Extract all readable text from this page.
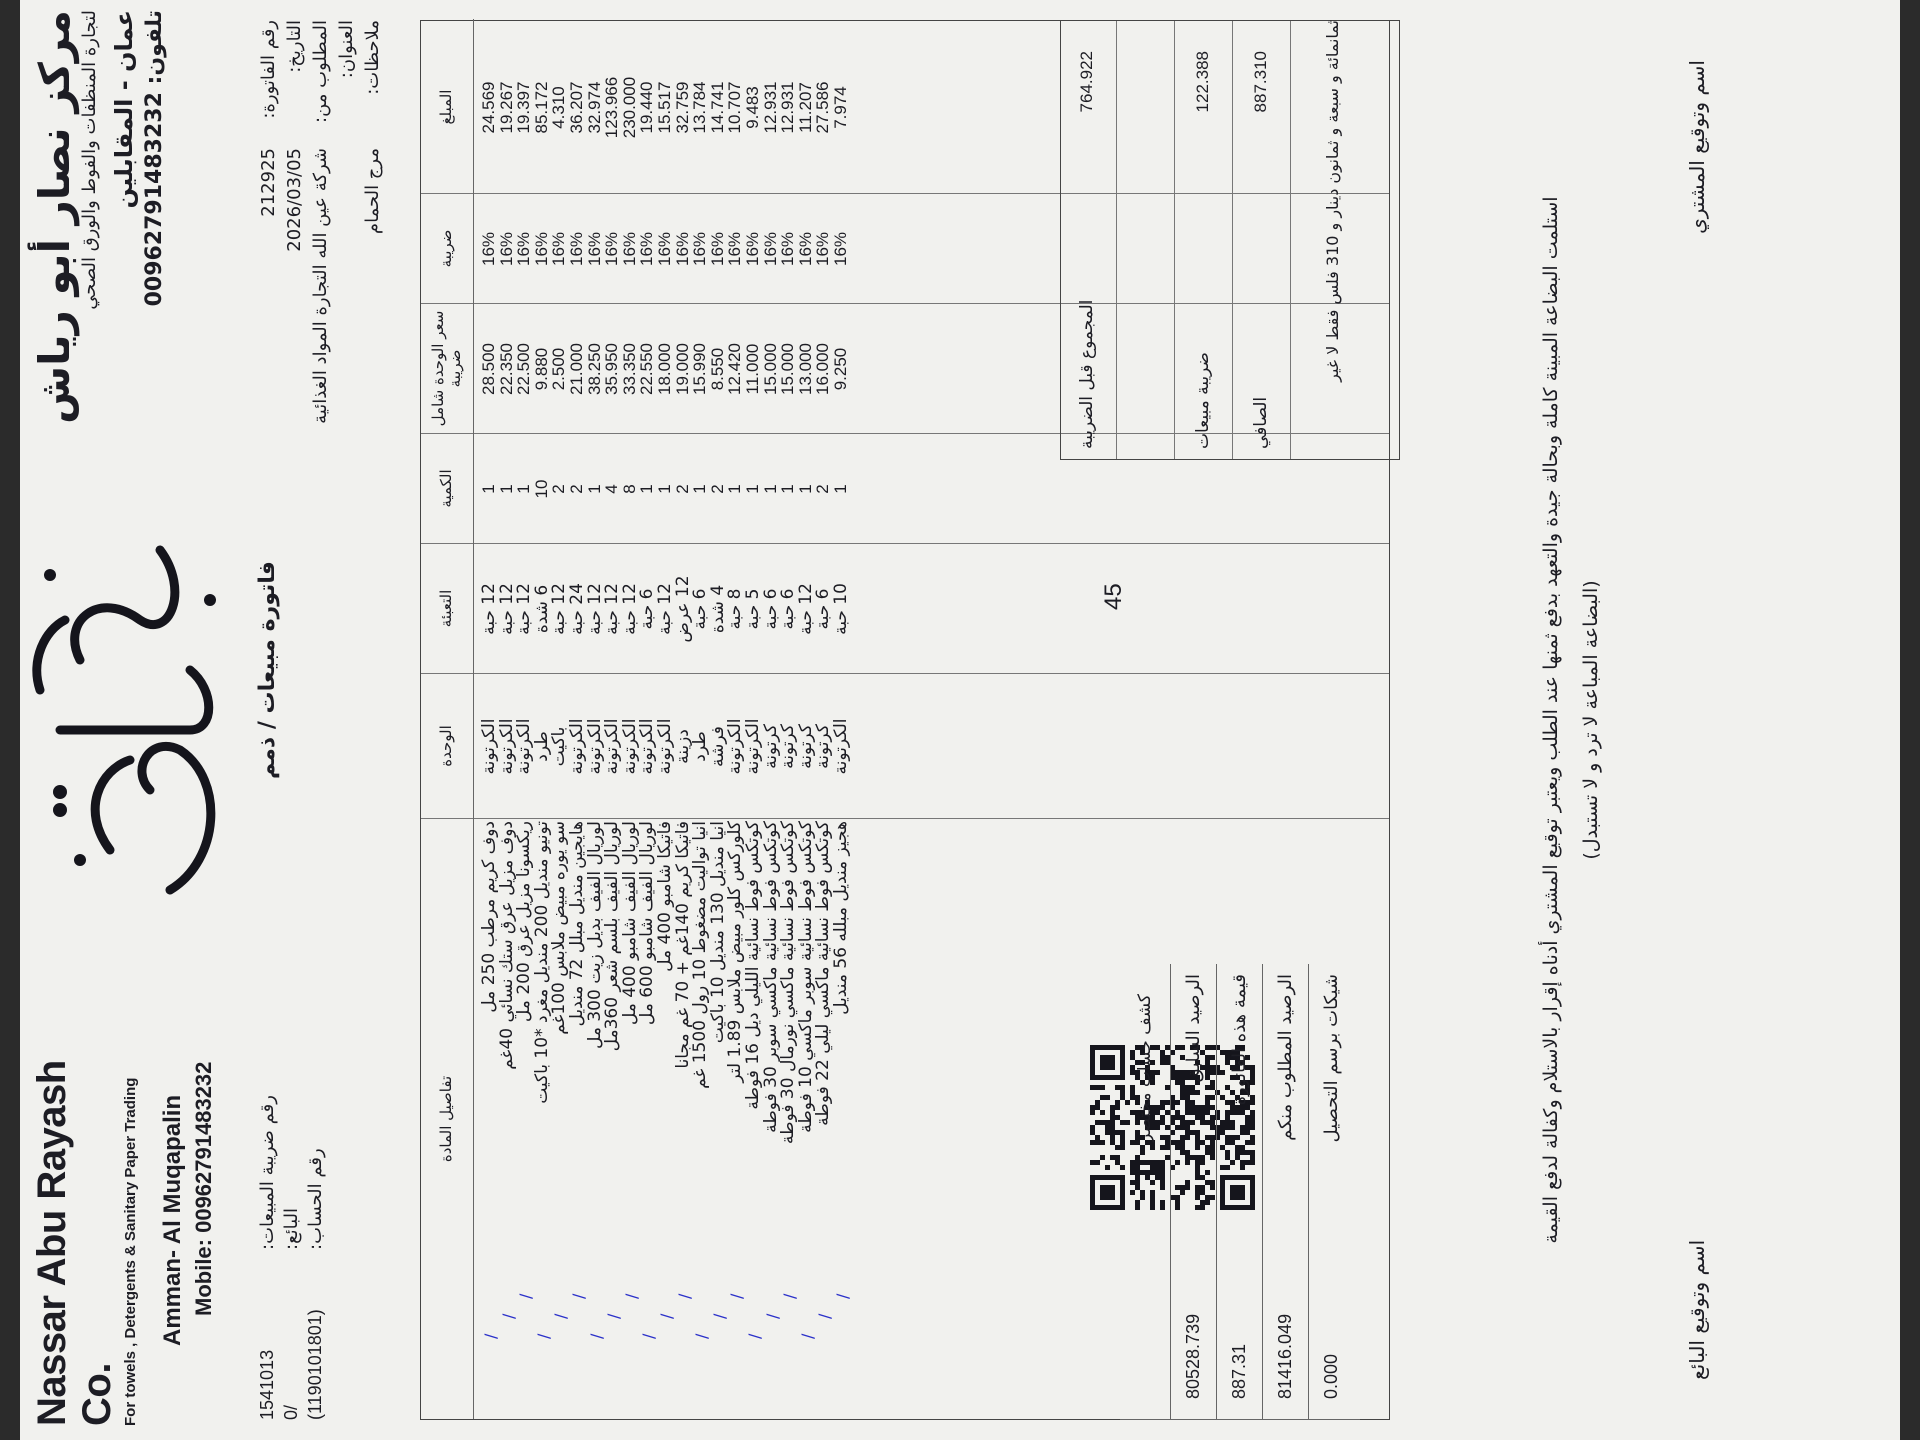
Nassar Abu Rayash Co. For towels , Detergents & Sanitary Paper Trading Amman- Al Muqapalin Mobile: 00962791483232
مركز نصار أبو رياش لتجارة المنظفات والفوط والورق الصحي عمان - المقابلين تلفون: 00962791483232
1541013
رقم ضريبة المبيعات:
0/
البائع:
(1190101801)
رقم الحساب:
فاتورة مبيعات / ذمم
رقم الفاتورة:
212925
التاريخ:
2026/03/05
المطلوب من:
شركة عين الله التجارة المواد الغذائية
العنوان: ملاحظات:
مرج الحمام
تفاصيل المادة
الوحدة
التعبئة
الكمية
سعر الوحدة شامل ضريبة
ضريبة
المبلغ
دوف كريم مرطب 250 مل
الكرتونة
12 حبة
1
28.500
16%
24.569
/
دوف مزيل عرق ستك نسائي 40غم
الكرتونة
12 حبة
1
22.350
16%
19.267
/
ريكسونا مزيل عرق 200 مل
الكرتونة
12 حبة
1
22.500
16%
19.397
/
تونيو منديل 200 منديل مغرد *10 باكيت
طرد
6 شدة
10
9.880
16%
85.172
/
سو يوره مبيض ملابس 100غم
باكيت
12 حبة
2
2.500
16%
4.310
/
هايجين منديل مبلل 72 منديل
الكرتونة
24 حبة
2
21.000
16%
36.207
/
لوريال الفيف بديل زيت 300 مل
الكرتونة
12 حبة
1
38.250
16%
32.974
/
لوريال الفيف بلسم شعر 360مل
الكرتونة
12 حبة
4
35.950
16%
123.966
/
لوريال الفيف شامبو 400 مل
الكرتونة
12 حبة
8
33.350
16%
230.000
/
لوريال الفيف شامبو 600 مل
الكرتونة
6 حبة
1
22.550
16%
19.440
/
فاتيكا شامبو 400 مل
الكرتونة
12 حبة
1
18.000
16%
15.517
/
فاتيكا كريم 140غم + 70 غم مجانا
دزينة
12 عرض
2
19.000
16%
32.759
/
انيا تواليت مضغوط 10 رول 1500 غم
طرد
6 حبة
1
15.990
16%
13.784
/
انيا منديل 130 منديل 10 باكيت
فرشة
4 شدة
2
8.550
16%
14.741
/
كلوركس كلور مبيض ملابس 1.89 لتر
الكرتونة
8 حبة
1
12.420
16%
10.707
/
كوتكس فوط نسائية الليلي ديل 16 فوطة
الكرتونة
5 حبة
1
11.000
16%
9.483
/
كوتكس فوط نسائية ماكسي سوبر 30 فوطة
كرتونة
6 حبة
1
15.000
16%
12.931
/
كوتكس فوط نسائية ماكسي نورمال 30 فوطة
كرتونة
6 حبة
1
15.000
16%
12.931
/
كوتكس فوط نسائية سوبر ماكسي 10 فوطة
كرتونة
12 حبة
1
13.000
16%
11.207
/
كوتكس فوط نسائية ماكسي ليلي 22 فوطة
كرتونة
6 حبة
2
16.000
16%
27.586
/
هجيز منديل مبلله 56 منديل
الكرتونة
10 حبة
1
9.250
16%
7.974
/
كشف حساب مختصر
80528.739
الرصيد السابق
887.31
قيمة هذه الفاتورة
81416.049
الرصيد المطلوب منكم
0.000
شيكات برسم التحصيل
45
المجموع قبل الضريبة
764.922
ضريبة مبيعات
122.388
الصافي
887.310
ثمانمائة و سبعة و ثمانون دينار و 310 فلس فقط لا غير
استلمت البضاعة المبينة كاملة وبحالة جيدة والتعهد بدفع ثمنها عند الطلب ويعتبر توقيع المشتري أدناه إقرار بالاستلام وكفالة لدفع القيمة (البضاعة المباعة لا ترد و لا تستبدل)
اسم وتوقيع البائع
اسم وتوقيع المشتري
